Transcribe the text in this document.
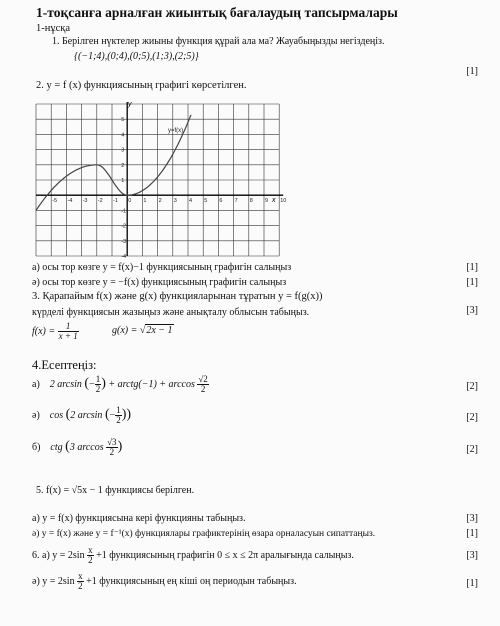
1-тоқсанға арналған жиынтық бағалаудың тапсырмалары
1-нұсқа
1. Берілген нүктелер жиыны функция құрай ала ма? Жауабыңызды негіздеңіз.
{(−1;4),(0;4),(0;5),(1;3),(2;5)}
[1]
2. y = f (x) функциясының графигі көрсетілген.
-5 -4 -3 -2 -1 0 1 2 3 4 5 6 7 8 9 10
5
4
3
2
1
-1
-2
-3
-4
y=f(x)
x
y
а) осы тор көзге y = f(x)−1 функциясының графигін салыңыз	[1]
ә) осы тор көзге y = −f(x) функциясының графигін салыңыз	[1]
3. Қарапайым f(x) және g(x) функцияларынан тұратын y = f(g(x))
күрделі функциясын жазыңыз және анықталу облысын табыңыз.	[3]
$f(x) = \frac{1}{x + 1}$	g(x) = √2x − 1
4.Есептеңіз:
а) 2 arcsin (− $\frac{1}{2}$ ) + arctg(−1) + $\arccos \frac{√2}{2}$	[2]
ә) cos (2 arcsin (− $\frac{1}{2}$ ))	[2]
б) ctg (3 $\arccos \frac{√3}{2}$ )	[2]
5. f(x) = √5x − 1 функциясы берілген.
а) y = f(x) функциясына кері функцияны табыңыз.	[3]
ә) y = f(x) және y = f⁻¹(x) функциялары графиктерінің өзара орналасуын сипаттаңыз.	[1]
6. а) $y = 2\sin \frac{x}{2} +1$ функциясының графигін 0 ≤ x ≤ 2π аралығында салыңыз.	[3]
ә) $y = 2\sin \frac{x}{2} +1$ функциясының ең кіші оң периодын табыңыз.	[1]
